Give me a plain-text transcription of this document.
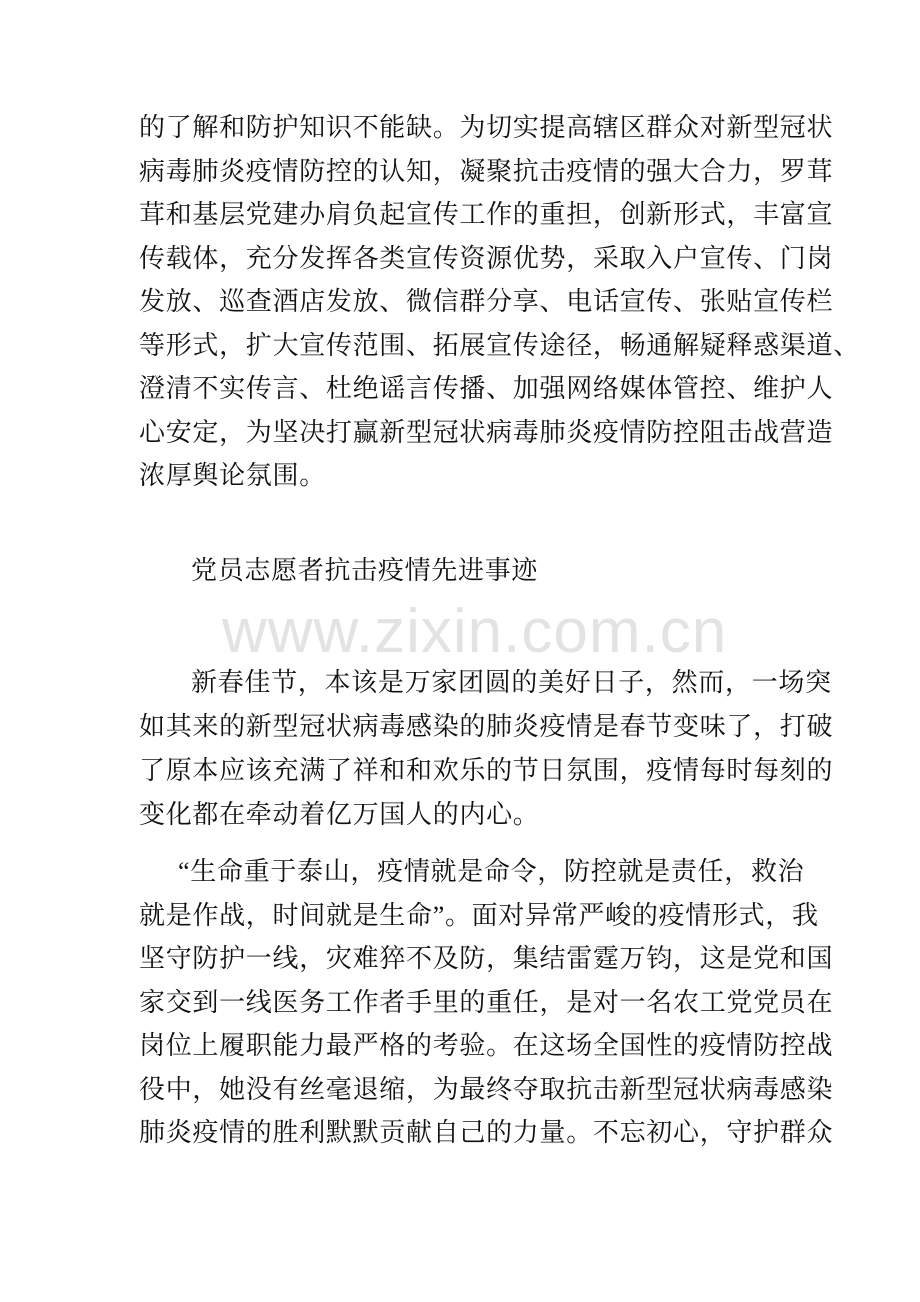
www.zixin.com.cn
的了解和防护知识不能缺。为切实提高辖区群众对新型冠状
病毒肺炎疫情防控的认知，凝聚抗击疫情的强大合力，罗茸
茸和基层党建办肩负起宣传工作的重担，创新形式，丰富宣
传载体，充分发挥各类宣传资源优势，采取入户宣传、门岗
发放、巡查酒店发放、微信群分享、电话宣传、张贴宣传栏
等形式，扩大宣传范围、拓展宣传途径，畅通解疑释惑渠道、
澄清不实传言、杜绝谣言传播、加强网络媒体管控、维护人
心安定，为坚决打赢新型冠状病毒肺炎疫情防控阻击战营造
浓厚舆论氛围。
党员志愿者抗击疫情先进事迹
新春佳节，本该是万家团圆的美好日子，然而，一场突
如其来的新型冠状病毒感染的肺炎疫情是春节变味了，打破
了原本应该充满了祥和和欢乐的节日氛围，疫情每时每刻的
变化都在牵动着亿万国人的内心。
“生命重于泰山，疫情就是命令，防控就是责任，救治
就是作战，时间就是生命”。面对异常严峻的疫情形式，我
坚守防护一线，灾难猝不及防，集结雷霆万钧，这是党和国
家交到一线医务工作者手里的重任，是对一名农工党党员在
岗位上履职能力最严格的考验。在这场全国性的疫情防控战
役中，她没有丝毫退缩，为最终夺取抗击新型冠状病毒感染
肺炎疫情的胜利默默贡献自己的力量。不忘初心，守护群众
